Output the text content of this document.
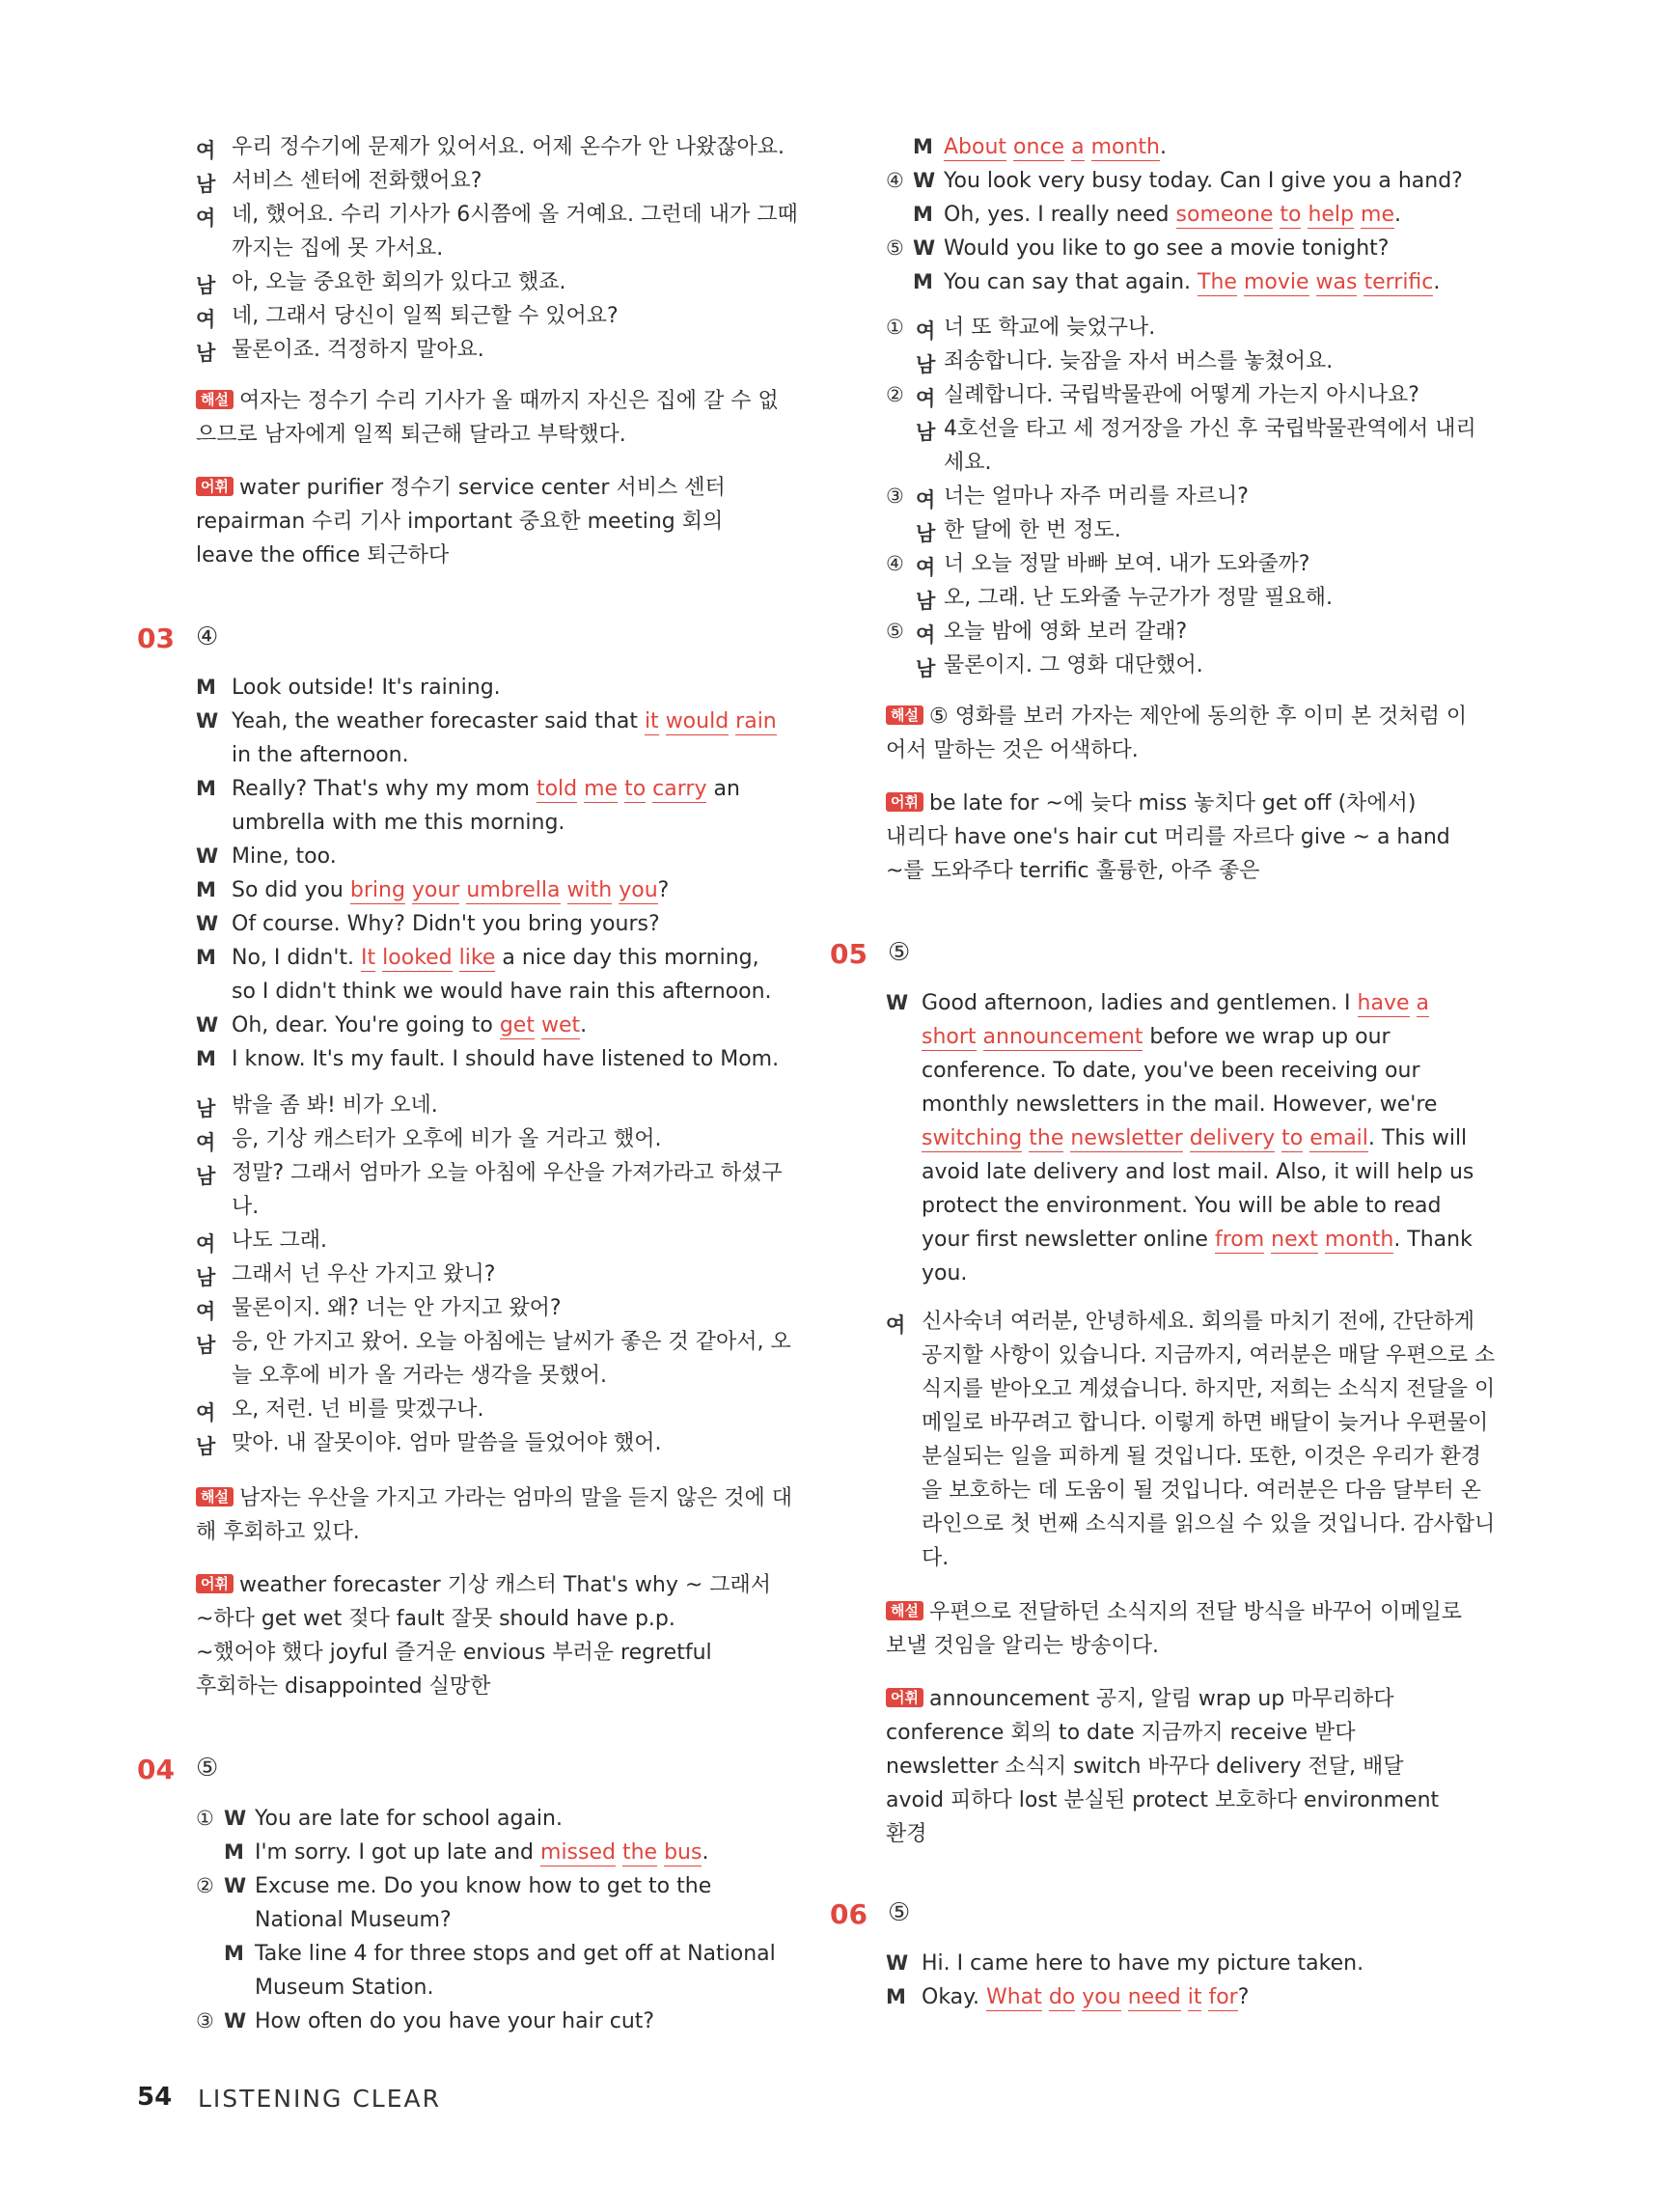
여 우리 정수기에 문제가 있어서요. 어제 온수가 안 나왔잖아요.
남 서비스 센터에 전화했어요?
여 네, 했어요. 수리 기사가 6시쯤에 올 거예요. 그런데 내가 그때
까지는 집에 못 가서요.
남 아, 오늘 중요한 회의가 있다고 했죠.
여 네, 그래서 당신이 일찍 퇴근할 수 있어요?
남 물론이죠. 걱정하지 말아요.
해설 여자는 정수기 수리 기사가 올 때까지 자신은 집에 갈 수 없
으므로 남자에게 일찍 퇴근해 달라고 부탁했다.
어휘 water purifier 정수기 service center 서비스 센터
repairman 수리 기사 important 중요한 meeting 회의
leave the office 퇴근하다
03 ④
M Look outside! It's raining.
W Yeah, the weather forecaster said that it would rain
in the afternoon.
M Really? That's why my mom told me to carry an
umbrella with me this morning.
W Mine, too.
M So did you bring your umbrella with you?
W Of course. Why? Didn't you bring yours?
M No, I didn't. It looked like a nice day this morning,
so I didn't think we would have rain this afternoon.
W Oh, dear. You're going to get wet.
M I know. It's my fault. I should have listened to Mom.
남 밖을 좀 봐! 비가 오네.
여 응, 기상 캐스터가 오후에 비가 올 거라고 했어.
남 정말? 그래서 엄마가 오늘 아침에 우산을 가져가라고 하셨구
나.
여 나도 그래.
남 그래서 넌 우산 가지고 왔니?
여 물론이지. 왜? 너는 안 가지고 왔어?
남 응, 안 가지고 왔어. 오늘 아침에는 날씨가 좋은 것 같아서, 오
늘 오후에 비가 올 거라는 생각을 못했어.
여 오, 저런. 넌 비를 맞겠구나.
남 맞아. 내 잘못이야. 엄마 말씀을 들었어야 했어.
해설 남자는 우산을 가지고 가라는 엄마의 말을 듣지 않은 것에 대
해 후회하고 있다.
어휘 weather forecaster 기상 캐스터 That's why ~ 그래서
~하다 get wet 젖다 fault 잘못 should have p.p.
~했어야 했다 joyful 즐거운 envious 부러운 regretful
후회하는 disappointed 실망한
04 ⑤
① W You are late for school again.
M I'm sorry. I got up late and missed the bus.
② W Excuse me. Do you know how to get to the
National Museum?
M Take line 4 for three stops and get off at National
Museum Station.
③ W How often do you have your hair cut?
M About once a month.
④ W You look very busy today. Can I give you a hand?
M Oh, yes. I really need someone to help me.
⑤ W Would you like to go see a movie tonight?
M You can say that again. The movie was terrific.
① 여 너 또 학교에 늦었구나.
남 죄송합니다. 늦잠을 자서 버스를 놓쳤어요.
② 여 실례합니다. 국립박물관에 어떻게 가는지 아시나요?
남 4호선을 타고 세 정거장을 가신 후 국립박물관역에서 내리
세요.
③ 여 너는 얼마나 자주 머리를 자르니?
남 한 달에 한 번 정도.
④ 여 너 오늘 정말 바빠 보여. 내가 도와줄까?
남 오, 그래. 난 도와줄 누군가가 정말 필요해.
⑤ 여 오늘 밤에 영화 보러 갈래?
남 물론이지. 그 영화 대단했어.
해설 ⑤ 영화를 보러 가자는 제안에 동의한 후 이미 본 것처럼 이
어서 말하는 것은 어색하다.
어휘 be late for ~에 늦다 miss 놓치다 get off (차에서)
내리다 have one's hair cut 머리를 자르다 give ~ a hand
~를 도와주다 terrific 훌륭한, 아주 좋은
05 ⑤
W Good afternoon, ladies and gentlemen. I have a
short announcement before we wrap up our
conference. To date, you've been receiving our
monthly newsletters in the mail. However, we're
switching the newsletter delivery to email. This will
avoid late delivery and lost mail. Also, it will help us
protect the environment. You will be able to read
your first newsletter online from next month. Thank
you.
여 신사숙녀 여러분, 안녕하세요. 회의를 마치기 전에, 간단하게
공지할 사항이 있습니다. 지금까지, 여러분은 매달 우편으로 소
식지를 받아오고 계셨습니다. 하지만, 저희는 소식지 전달을 이
메일로 바꾸려고 합니다. 이렇게 하면 배달이 늦거나 우편물이
분실되는 일을 피하게 될 것입니다. 또한, 이것은 우리가 환경
을 보호하는 데 도움이 될 것입니다. 여러분은 다음 달부터 온
라인으로 첫 번째 소식지를 읽으실 수 있을 것입니다. 감사합니
다.
해설 우편으로 전달하던 소식지의 전달 방식을 바꾸어 이메일로
보낼 것임을 알리는 방송이다.
어휘 announcement 공지, 알림 wrap up 마무리하다
conference 회의 to date 지금까지 receive 받다
newsletter 소식지 switch 바꾸다 delivery 전달, 배달
avoid 피하다 lost 분실된 protect 보호하다 environment
환경
06 ⑤
W Hi. I came here to have my picture taken.
M Okay. What do you need it for?
54 LISTENING CLEAR
